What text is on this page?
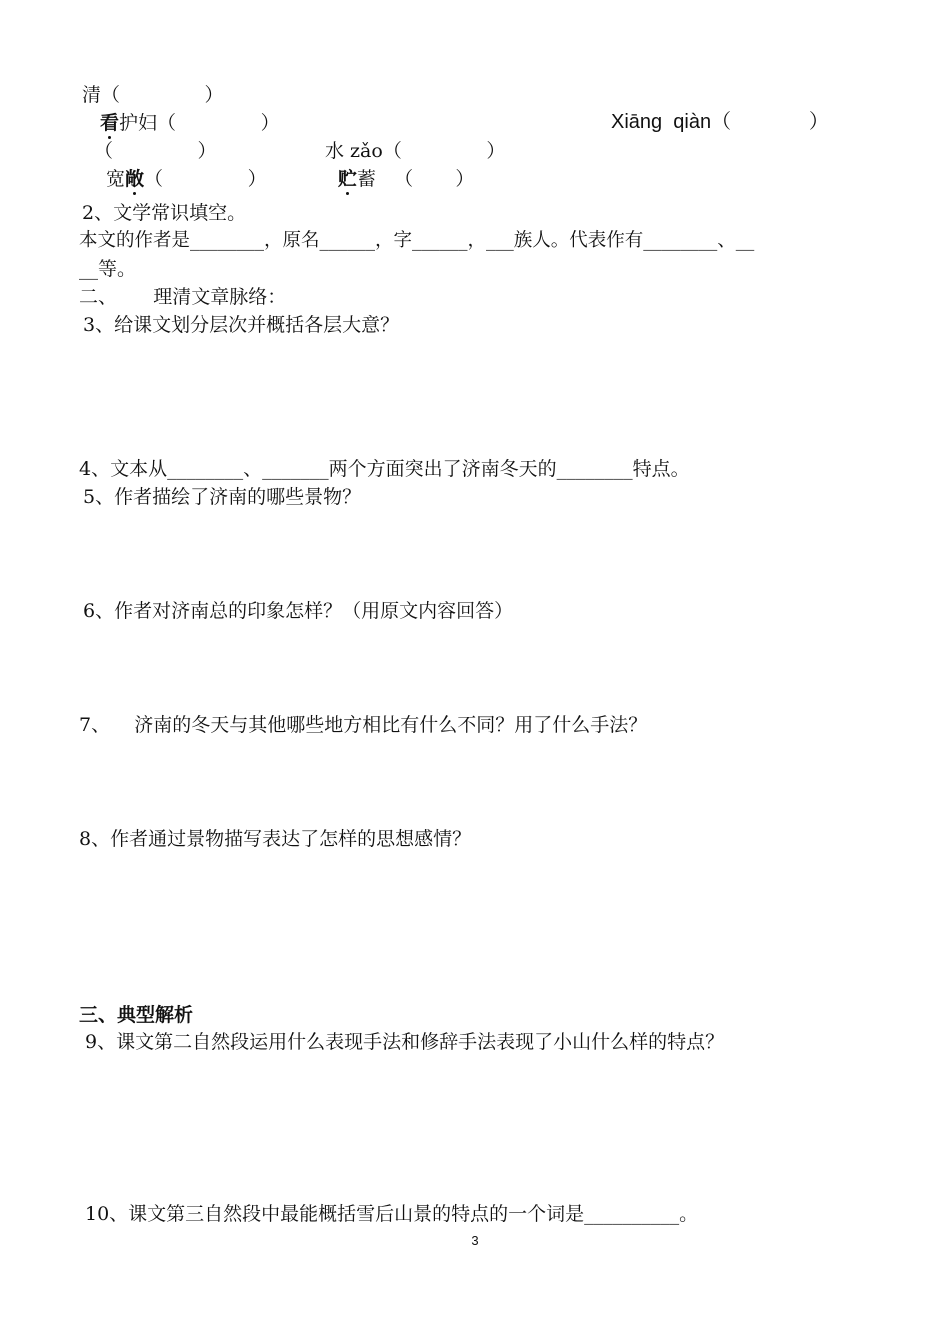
清（              ）
看护妇（              ）	Xiāng  qiàn（              ）
（              ）	水 zǎo（              ）
宽敞（              ）	贮蓄   （       ）
2、文学常识填空。
本文的作者是________，原名______，字______，___族人。代表作有________、__
__等。
二、      理清文章脉络：
3、给课文划分层次并概括各层大意？
4、文本从________、_______两个方面突出了济南冬天的________特点。
5、作者描绘了济南的哪些景物？
6、作者对济南总的印象怎样？（用原文内容回答）
7、    济南的冬天与其他哪些地方相比有什么不同？用了什么手法？
8、作者通过景物描写表达了怎样的思想感情？
三、典型解析
9、课文第二自然段运用什么表现手法和修辞手法表现了小山什么样的特点？
10、课文第三自然段中最能概括雪后山景的特点的一个词是__________。
3
